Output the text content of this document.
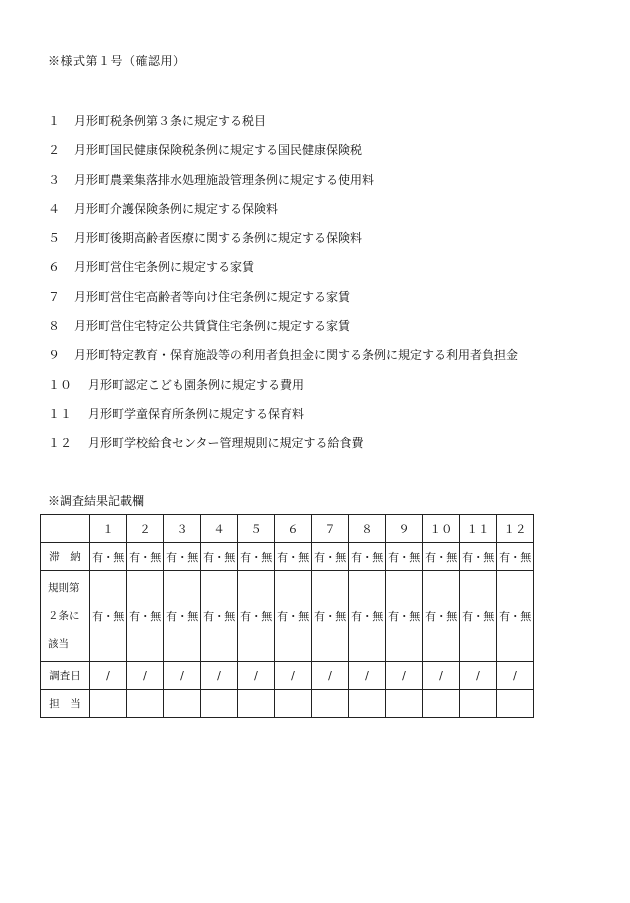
※様式第１号（確認用）
１	月形町税条例第３条に規定する税目
２	月形町国民健康保険税条例に規定する国民健康保険税
３	月形町農業集落排水処理施設管理条例に規定する使用料
４	月形町介護保険条例に規定する保険料
５	月形町後期高齢者医療に関する条例に規定する保険料
６	月形町営住宅条例に規定する家賃
７	月形町営住宅高齢者等向け住宅条例に規定する家賃
８	月形町営住宅特定公共賃貸住宅条例に規定する家賃
９	月形町特定教育・保育施設等の利用者負担金に関する条例に規定する利用者負担金
１０	月形町認定こども園条例に規定する費用
１１	月形町学童保育所条例に規定する保育料
１２	月形町学校給食センター管理規則に規定する給食費
※調査結果記載欄
	１	２	３	４	５	６	７	８	９	１０	１１	１２
滞　納	有・無	有・無	有・無	有・無	有・無	有・無	有・無	有・無	有・無	有・無	有・無	有・無

規則第
２条に
該当	有・無	有・無	有・無	有・無	有・無	有・無	有・無	有・無	有・無	有・無	有・無	有・無
調査日	/	/	/	/	/	/	/	/	/	/	/	/
担　当												
